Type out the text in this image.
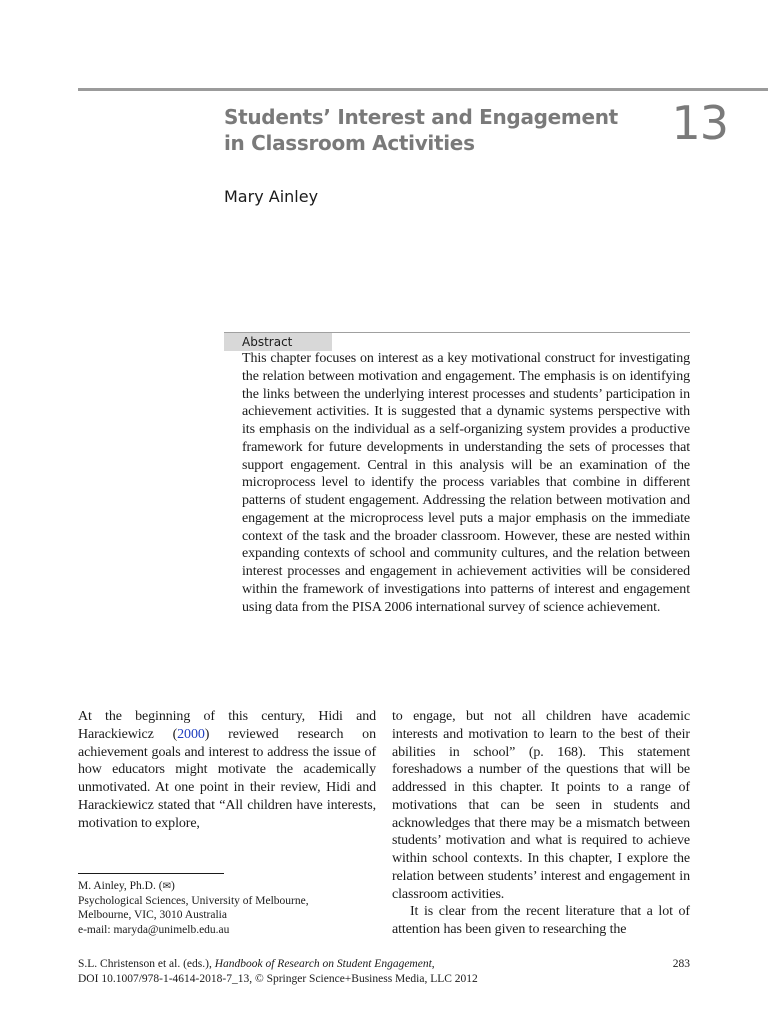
Students’ Interest and Engagement
in Classroom Activities	13
Mary Ainley
Abstract
This chapter focuses on interest as a key motivational construct for investigating the relation between motivation and engagement. The emphasis is on identifying the links between the underlying interest processes and students’ participation in achievement activities. It is suggested that a dynamic systems perspective with its emphasis on the individual as a self-organizing system provides a productive framework for future developments in understanding the sets of processes that support engagement. Central in this analysis will be an examination of the microprocess level to identify the process variables that combine in different patterns of student engagement. Addressing the relation between motivation and engagement at the microprocess level puts a major emphasis on the immediate context of the task and the broader classroom. However, these are nested within expanding contexts of school and community cultures, and the relation between interest processes and engagement in achievement activities will be considered within the framework of investigations into patterns of interest and engagement using data from the PISA 2006 international survey of science achievement.
At the beginning of this century, Hidi and Harackiewicz (2000) reviewed research on achievement goals and interest to address the issue of how educators might motivate the academically unmotivated. At one point in their review, Hidi and Harackiewicz stated that “All children have interests, motivation to explore,

to engage, but not all children have academic interests and motivation to learn to the best of their abilities in school” (p. 168). This statement foreshadows a number of the questions that will be addressed in this chapter. It points to a range of motivations that can be seen in students and acknowledges that there may be a mismatch between students’ motivation and what is required to achieve within school contexts. In this chapter, I explore the relation between students’ interest and engagement in classroom activities.

It is clear from the recent literature that a lot of attention has been given to researching the

M. Ainley, Ph.D. (✉)
Psychological Sciences, University of Melbourne,
Melbourne, VIC, 3010 Australia
e-mail: maryda@unimelb.edu.au
S.L. Christenson et al. (eds.), Handbook of Research on Student Engagement,
DOI 10.1007/978-1-4614-2018-7_13, © Springer Science+Business Media, LLC 2012
283
